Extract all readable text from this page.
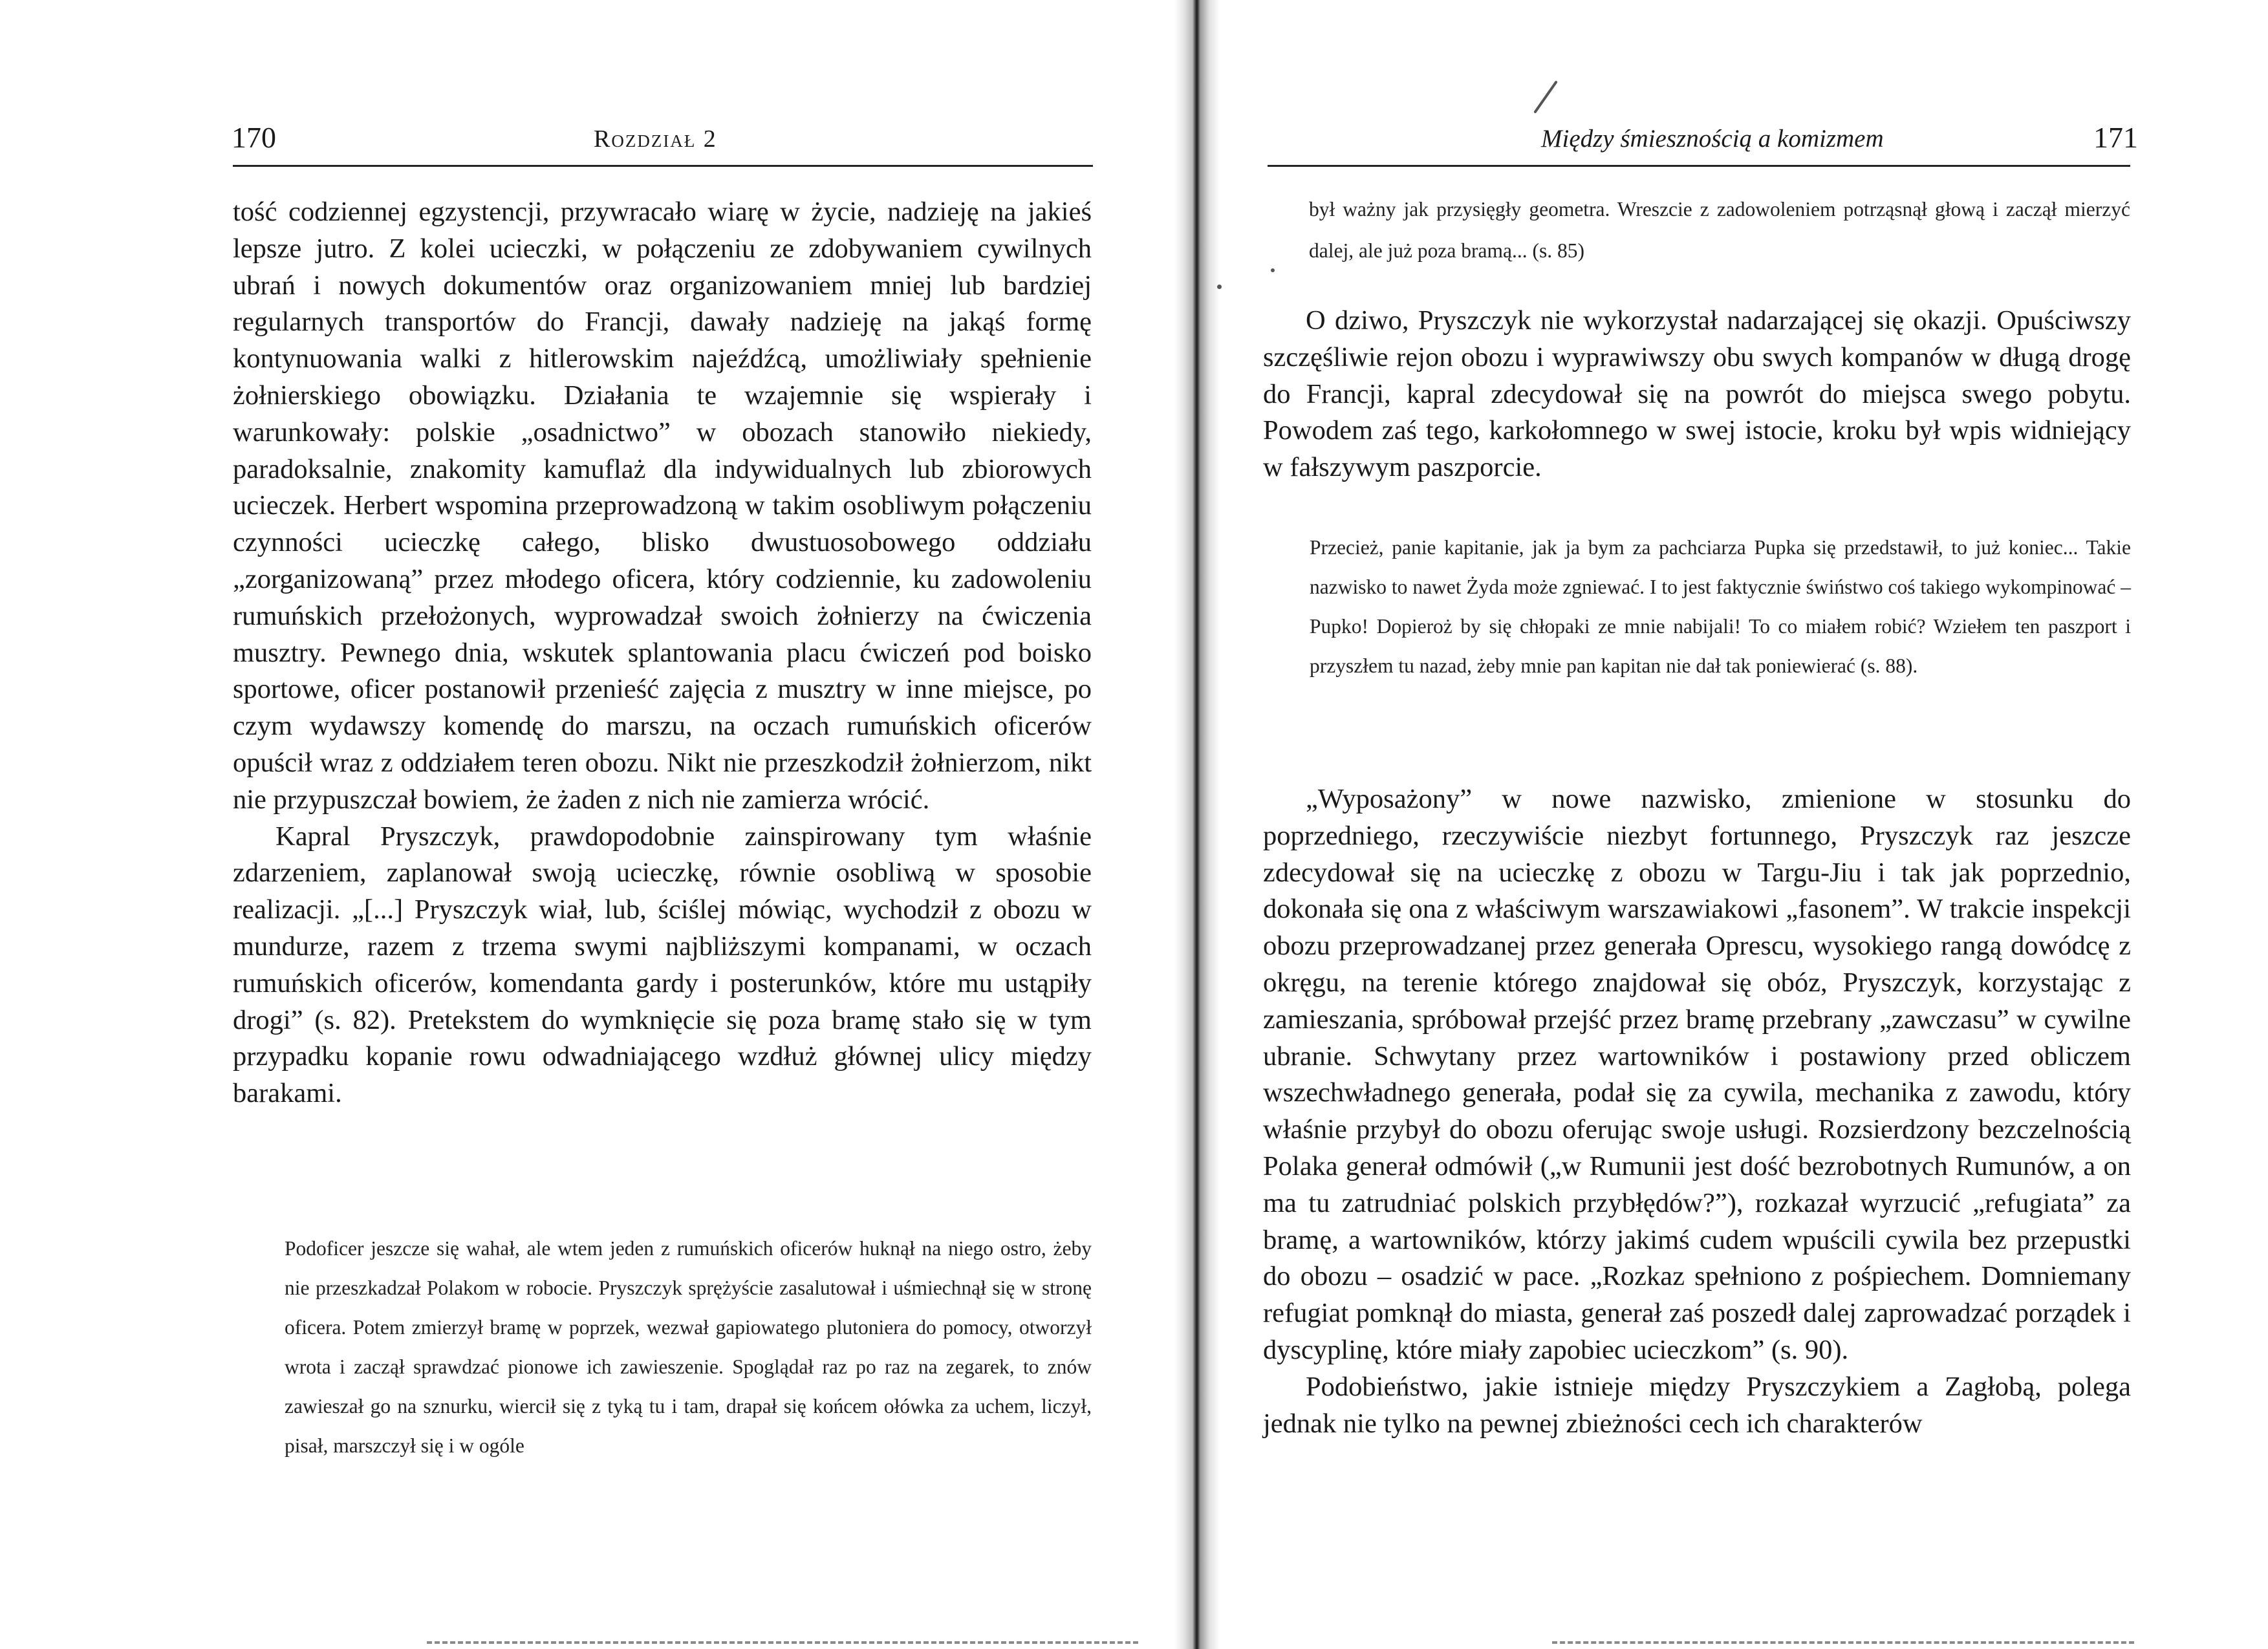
170	Rozdział 2

tość codziennej egzystencji, przywracało wiarę w życie, nadzieję na jakieś lepsze jutro. Z kolei ucieczki, w połączeniu ze zdobywaniem cywilnych ubrań i nowych dokumentów oraz organizowaniem mniej lub bardziej regularnych transportów do Francji, dawały nadzieję na jakąś formę kontynuowania walki z hitlerowskim najeźdźcą, umożliwiały spełnienie żołnierskiego obowiązku. Działania te wzajemnie się wspierały i warunkowały: polskie „osadnictwo” w obozach stanowiło niekiedy, paradoksalnie, znakomity kamuflaż dla indywidualnych lub zbiorowych ucieczek. Herbert wspomina przeprowadzoną w takim osobliwym połączeniu czynności ucieczkę całego, blisko dwustuosobowego oddziału „zorganizowaną” przez młodego oficera, który codziennie, ku zadowoleniu rumuńskich przełożonych, wyprowadzał swoich żołnierzy na ćwiczenia musztry. Pewnego dnia, wskutek splantowania placu ćwiczeń pod boisko sportowe, oficer postanowił przenieść zajęcia z musztry w inne miejsce, po czym wydawszy komendę do marszu, na oczach rumuńskich oficerów opuścił wraz z oddziałem teren obozu. Nikt nie przeszkodził żołnierzom, nikt nie przypuszczał bowiem, że żaden z nich nie zamierza wrócić.

Kapral Pryszczyk, prawdopodobnie zainspirowany tym właśnie zdarzeniem, zaplanował swoją ucieczkę, równie osobliwą w sposobie realizacji. „[...] Pryszczyk wiał, lub, ściślej mówiąc, wychodził z obozu w mundurze, razem z trzema swymi najbliższymi kompanami, w oczach rumuńskich oficerów, komendanta gardy i posterunków, które mu ustąpiły drogi” (s. 82). Pretekstem do wymknięcie się poza bramę stało się w tym przypadku kopanie rowu odwadniającego wzdłuż głównej ulicy między barakami.

Podoficer jeszcze się wahał, ale wtem jeden z rumuńskich oficerów huknął na niego ostro, żeby nie przeszkadzał Polakom w robocie. Pryszczyk sprężyście zasalutował i uśmiechnął się w stronę oficera. Potem zmierzył bramę w poprzek, wezwał gapiowatego plutoniera do pomocy, otworzył wrota i zaczął sprawdzać pionowe ich zawieszenie. Spoglądał raz po raz na zegarek, to znów zawieszał go na sznurku, wiercił się z tyką tu i tam, drapał się końcem ołówka za uchem, liczył, pisał, marszczył się i w ogóle

Między śmiesznością a komizmem	171

był ważny jak przysięgły geometra. Wreszcie z zadowoleniem potrząsnął głową i zaczął mierzyć dalej, ale już poza bramą... (s. 85)

O dziwo, Pryszczyk nie wykorzystał nadarzającej się okazji. Opuściwszy szczęśliwie rejon obozu i wyprawiwszy obu swych kompanów w długą drogę do Francji, kapral zdecydował się na powrót do miejsca swego pobytu. Powodem zaś tego, karkołomnego w swej istocie, kroku był wpis widniejący w fałszywym paszporcie.

Przecież, panie kapitanie, jak ja bym za pachciarza Pupka się przedstawił, to już koniec... Takie nazwisko to nawet Żyda może zgniewać. I to jest faktycznie świństwo coś takiego wykompinować – Pupko! Dopieroż by się chłopaki ze mnie nabijali! To co miałem robić? Wziełem ten paszport i przyszłem tu nazad, żeby mnie pan kapitan nie dał tak poniewierać (s. 88).

„Wyposażony” w nowe nazwisko, zmienione w stosunku do poprzedniego, rzeczywiście niezbyt fortunnego, Pryszczyk raz jeszcze zdecydował się na ucieczkę z obozu w Targu-Jiu i tak jak poprzednio, dokonała się ona z właściwym warszawiakowi „fasonem”. W trakcie inspekcji obozu przeprowadzanej przez generała Oprescu, wysokiego rangą dowódcę z okręgu, na terenie którego znajdował się obóz, Pryszczyk, korzystając z zamieszania, spróbował przejść przez bramę przebrany „zawczasu” w cywilne ubranie. Schwytany przez wartowników i postawiony przed obliczem wszechwładnego generała, podał się za cywila, mechanika z zawodu, który właśnie przybył do obozu oferując swoje usługi. Rozsierdzony bezczelnością Polaka generał odmówił („w Rumunii jest dość bezrobotnych Rumunów, a on ma tu zatrudniać polskich przybłędów?”), rozkazał wyrzucić „refugiata” za bramę, a wartowników, którzy jakimś cudem wpuścili cywila bez przepustki do obozu – osadzić w pace. „Rozkaz spełniono z pośpiechem. Domniemany refugiat pomknął do miasta, generał zaś poszedł dalej zaprowadzać porządek i dyscyplinę, które miały zapobiec ucieczkom” (s. 90).

Podobieństwo, jakie istnieje między Pryszczykiem a Zagłobą, polega jednak nie tylko na pewnej zbieżności cech ich charakterów
